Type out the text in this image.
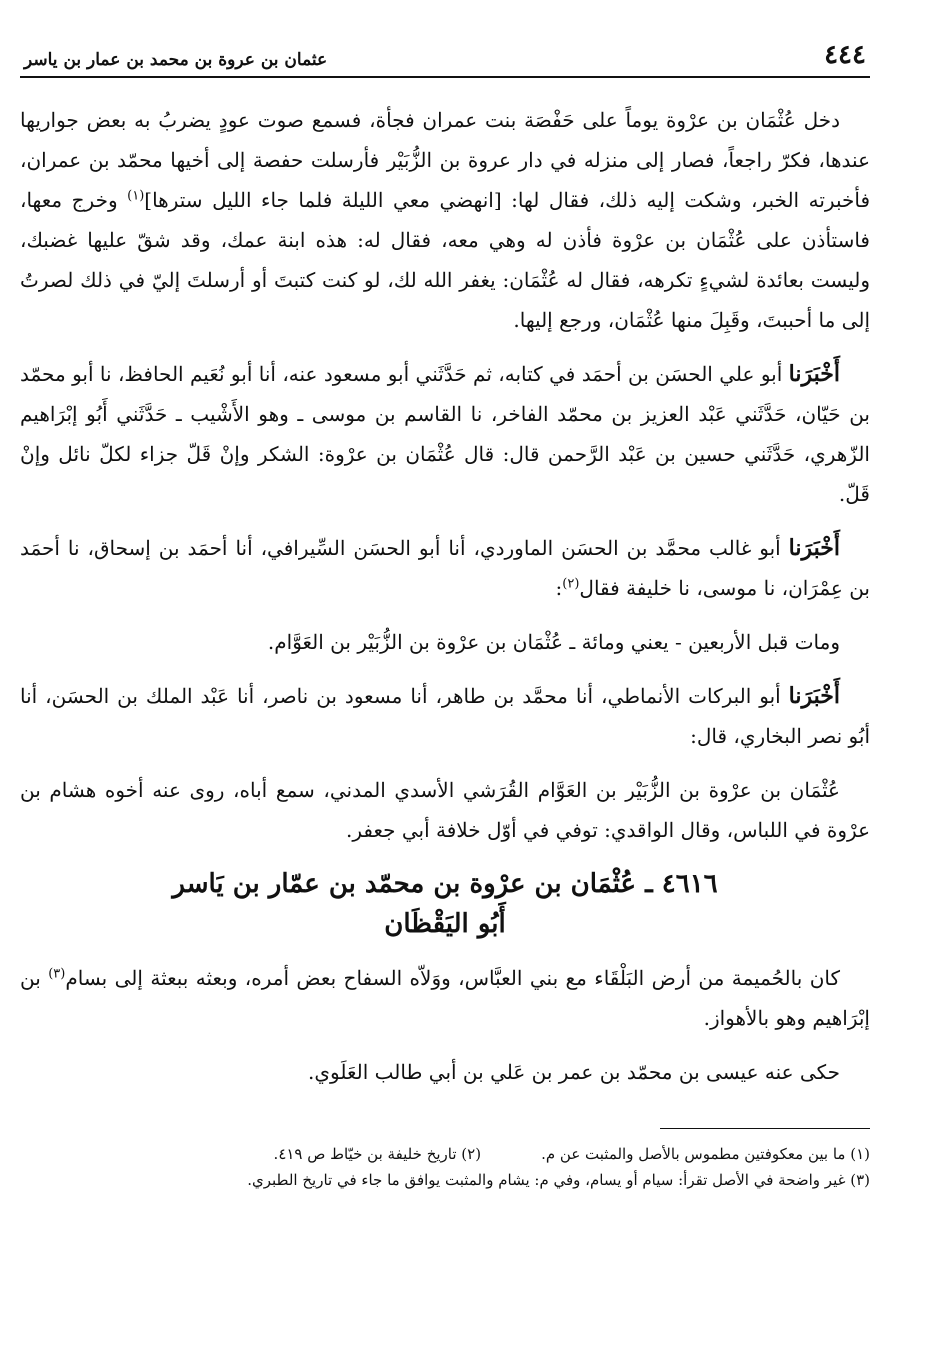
٤٤٤
عثمان بن عروة بن محمد بن عمار بن ياسر

دخل عُثْمَان بن عرْوة يوماً على حَفْصَة بنت عمران فجأة، فسمع صوت عودٍ يضربُ به بعض جواريها عندها، فكرّ راجعاً، فصار إلى منزله في دار عروة بن الزُّبَيْر فأرسلت حفصة إلى أخيها محمّد بن عمران، فأخبرته الخبر، وشكت إليه ذلك، فقال لها: [انهضي معي الليلة فلما جاء الليل سترها]$^{(١)}$ وخرج معها، فاستأذن على عُثْمَان بن عرْوة فأذن له وهي معه، فقال له: هذه ابنة عمك، وقد شقّ عليها غضبك، وليست بعائدة لشيءٍ تكرهه، فقال له عُثْمَان: يغفر الله لك، لو كنت كتبتَ أو أرسلتَ إليّ في ذلك لصرتُ إلى ما أحببتَ، وقَبِلَ منها عُثْمَان، ورجع إليها.

أَخْبَرَنا أبو علي الحسَن بن أحمَد في كتابه، ثم حَدَّثَني أبو مسعود عنه، أنا أبو نُعَيم الحافظ، نا أبو محمّد بن حَيّان، حَدَّثَني عَبْد العزيز بن محمّد الفاخر، نا القاسم بن موسى ـ وهو الأَشْيب ـ حَدَّثَني أَبُو إبْرَاهيم الزّهري، حَدَّثَني حسين بن عَبْد الرَّحمن قال: قال عُثْمَان بن عرْوة: الشكر وإنْ قَلّ جزاء لكلّ نائل وإنْ قَلّ.

أَخْبَرَنا أبو غالب محمَّد بن الحسَن الماوردي، أنا أبو الحسَن السِّيرافي، أنا أحمَد بن إسحاق، نا أحمَد بن عِمْرَان، نا موسى، نا خليفة فقال$^{(٢)}$:

ومات قبل الأربعين - يعني ومائة ـ عُثْمَان بن عرْوة بن الزُّبَيْر بن العَوَّام.

أَخْبَرَنا أبو البركات الأنماطي، أنا محمَّد بن طاهر، أنا مسعود بن ناصر، أنا عَبْد الملك بن الحسَن، أنا أبُو نصر البخاري، قال:

عُثْمَان بن عرْوة بن الزُّبَيْر بن العَوَّام القُرَشي الأسدي المدني، سمع أباه، روى عنه أخوه هشام بن عرْوة في اللباس، وقال الواقدي: توفي في أوّل خلافة أبي جعفر.

٤٦١٦ ـ عُثْمَان بن عرْوة بن محمّد بن عمّار بن يَاسر
أَبُو اليَقْظَان

كان بالحُميمة من أرض البَلْقَاء مع بني العبَّاس، ووَلاّه السفاح بعض أمره، وبعثه ببعثة إلى بسام$^{(٣)}$ بن إبْرَاهيم وهو بالأهواز.

حكى عنه عيسى بن محمّد بن عمر بن عَلي بن أبي طالب العَلَوي.

(١) ما بين معكوفتين مطموس بالأصل والمثبت عن م.
(٢) تاريخ خليفة بن خيّاط ص ٤١٩.
(٣) غير واضحة في الأصل تقرأ: سيام أو يسام، وفي م: يشام والمثبت يوافق ما جاء في تاريخ الطبري.
